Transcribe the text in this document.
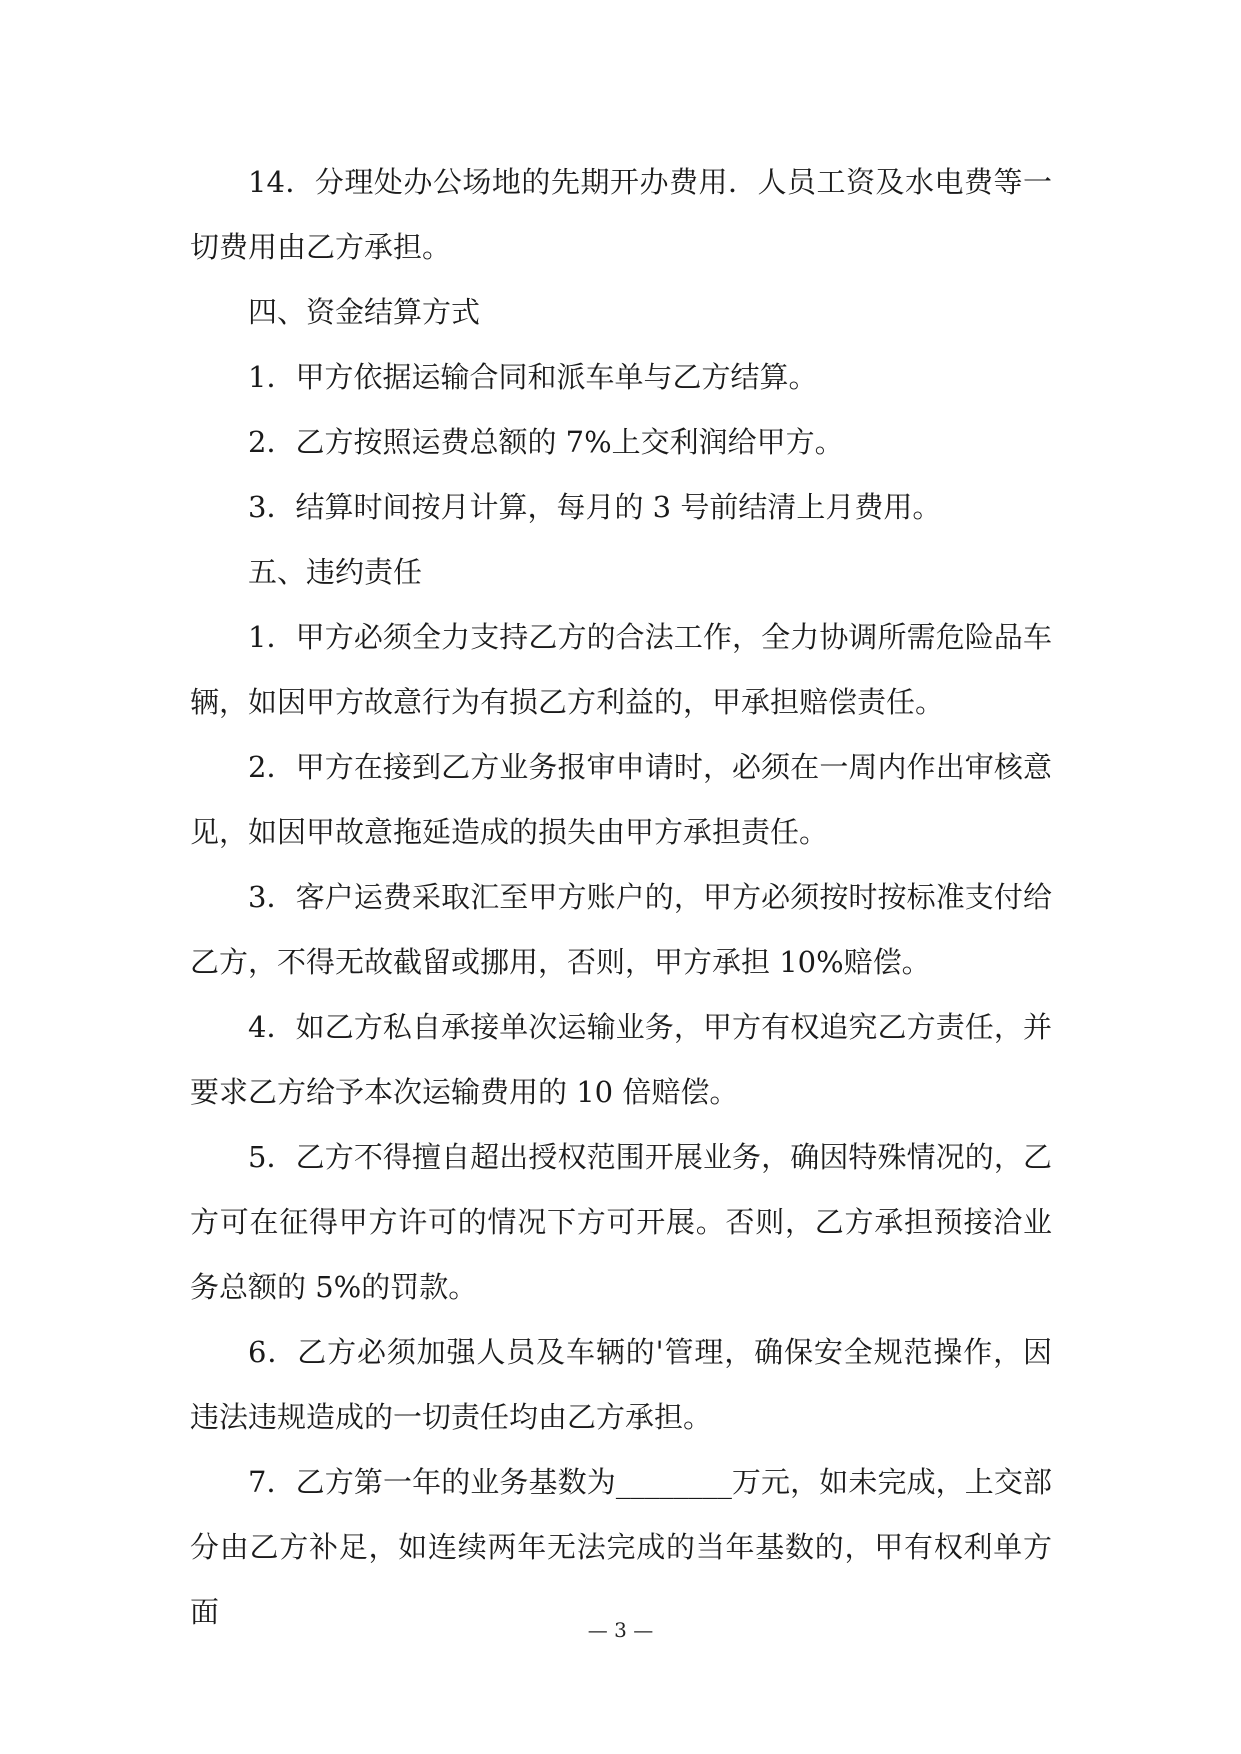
14．分理处办公场地的先期开办费用．人员工资及水电费等一切费用由乙方承担。

四、资金结算方式

1．甲方依据运输合同和派车单与乙方结算。

2．乙方按照运费总额的 7%上交利润给甲方。

3．结算时间按月计算，每月的 3 号前结清上月费用。

五、违约责任

1．甲方必须全力支持乙方的合法工作，全力协调所需危险品车辆，如因甲方故意行为有损乙方利益的，甲承担赔偿责任。

2．甲方在接到乙方业务报审申请时，必须在一周内作出审核意见，如因甲故意拖延造成的损失由甲方承担责任。

3．客户运费采取汇至甲方账户的，甲方必须按时按标准支付给乙方，不得无故截留或挪用，否则，甲方承担 10%赔偿。

4．如乙方私自承接单次运输业务，甲方有权追究乙方责任，并要求乙方给予本次运输费用的 10 倍赔偿。

5．乙方不得擅自超出授权范围开展业务，确因特殊情况的，乙方可在征得甲方许可的情况下方可开展。否则，乙方承担预接洽业务总额的 5%的罚款。

6．乙方必须加强人员及车辆的'管理，确保安全规范操作，因违法违规造成的一切责任均由乙方承担。

7．乙方第一年的业务基数为________万元，如未完成，上交部分由乙方补足，如连续两年无法完成的当年基数的，甲有权利单方面

— 3 —
